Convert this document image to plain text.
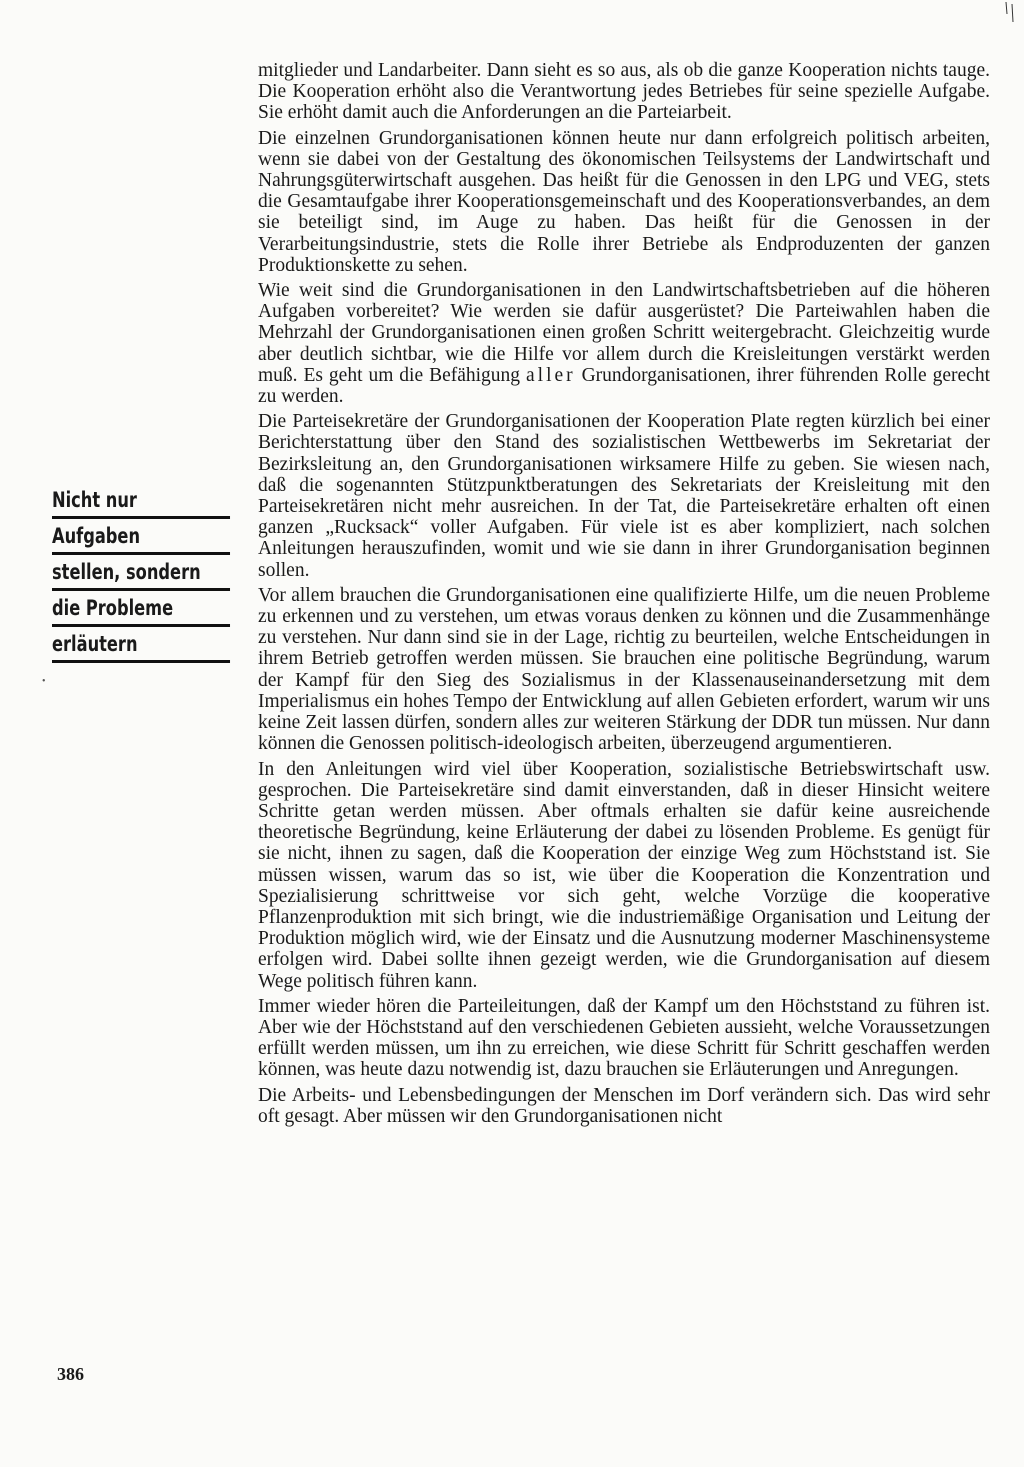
Nicht nur
Aufgaben
stellen, sondern
die Probleme
erläutern
•

mitglieder und Landarbeiter. Dann sieht es so aus, als ob die ganze Kooperation nichts tauge. Die Kooperation erhöht also die Verantwortung jedes Betriebes für seine spezielle Aufgabe. Sie erhöht damit auch die Anforderungen an die Parteiarbeit.

Die einzelnen Grundorganisationen können heute nur dann erfolgreich politisch arbeiten, wenn sie dabei von der Gestaltung des ökonomischen Teilsystems der Landwirtschaft und Nahrungsgüterwirtschaft ausgehen. Das heißt für die Genossen in den LPG und VEG, stets die Gesamtaufgabe ihrer Kooperationsgemeinschaft und des Kooperationsverbandes, an dem sie beteiligt sind, im Auge zu haben. Das heißt für die Genossen in der Verarbeitungsindustrie, stets die Rolle ihrer Betriebe als Endproduzenten der ganzen Produktionskette zu sehen.

Wie weit sind die Grundorganisationen in den Landwirtschaftsbetrieben auf die höheren Aufgaben vorbereitet? Wie werden sie dafür ausgerüstet? Die Parteiwahlen haben die Mehrzahl der Grundorganisationen einen großen Schritt weitergebracht. Gleichzeitig wurde aber deutlich sichtbar, wie die Hilfe vor allem durch die Kreisleitungen verstärkt werden muß. Es geht um die Befähigung aller Grundorganisationen, ihrer führenden Rolle gerecht zu werden.

Die Parteisekretäre der Grundorganisationen der Kooperation Plate regten kürzlich bei einer Berichterstattung über den Stand des sozialistischen Wettbewerbs im Sekretariat der Bezirksleitung an, den Grundorganisationen wirksamere Hilfe zu geben. Sie wiesen nach, daß die sogenannten Stützpunktberatungen des Sekretariats der Kreisleitung mit den Parteisekretären nicht mehr ausreichen. In der Tat, die Parteisekretäre erhalten oft einen ganzen „Rucksack“ voller Aufgaben. Für viele ist es aber kompliziert, nach solchen Anleitungen herauszufinden, womit und wie sie dann in ihrer Grundorganisation beginnen sollen.

Vor allem brauchen die Grundorganisationen eine qualifizierte Hilfe, um die neuen Probleme zu erkennen und zu verstehen, um etwas voraus denken zu können und die Zusammenhänge zu verstehen. Nur dann sind sie in der Lage, richtig zu beurteilen, welche Entscheidungen in ihrem Betrieb getroffen werden müssen. Sie brauchen eine politische Begründung, warum der Kampf für den Sieg des Sozialismus in der Klassenauseinandersetzung mit dem Imperialismus ein hohes Tempo der Entwicklung auf allen Gebieten erfordert, warum wir uns keine Zeit lassen dürfen, sondern alles zur weiteren Stärkung der DDR tun müssen. Nur dann können die Genossen politisch-ideologisch arbeiten, überzeugend argumentieren.

In den Anleitungen wird viel über Kooperation, sozialistische Betriebswirtschaft usw. gesprochen. Die Parteisekretäre sind damit einverstanden, daß in dieser Hinsicht weitere Schritte getan werden müssen. Aber oftmals erhalten sie dafür keine ausreichende theoretische Begründung, keine Erläuterung der dabei zu lösenden Probleme. Es genügt für sie nicht, ihnen zu sagen, daß die Kooperation der einzige Weg zum Höchststand ist. Sie müssen wissen, warum das so ist, wie über die Kooperation die Konzentration und Spezialisierung schrittweise vor sich geht, welche Vorzüge die kooperative Pflanzenproduktion mit sich bringt, wie die industriemäßige Organisation und Leitung der Produktion möglich wird, wie der Einsatz und die Ausnutzung moderner Maschinensysteme erfolgen wird. Dabei sollte ihnen gezeigt werden, wie die Grundorganisation auf diesem Wege politisch führen kann.

Immer wieder hören die Parteileitungen, daß der Kampf um den Höchststand zu führen ist. Aber wie der Höchststand auf den verschiedenen Gebieten aussieht, welche Voraussetzungen erfüllt werden müssen, um ihn zu erreichen, wie diese Schritt für Schritt geschaffen werden können, was heute dazu notwendig ist, dazu brauchen sie Erläuterungen und Anregungen.

Die Arbeits- und Lebensbedingungen der Menschen im Dorf verändern sich. Das wird sehr oft gesagt. Aber müssen wir den Grundorganisationen nicht

386
